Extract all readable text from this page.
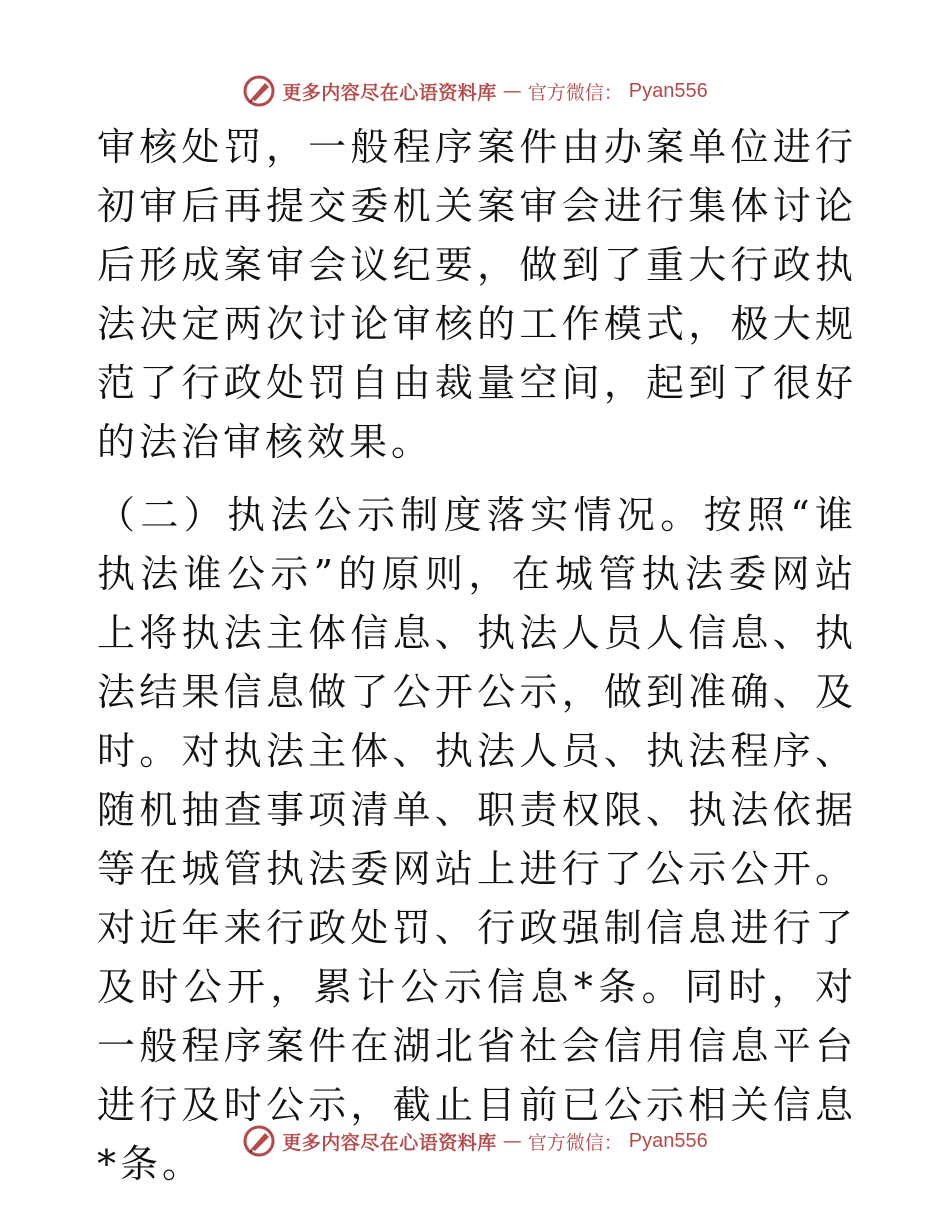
更多内容尽在心语资料库 — 官方微信： Pyan556

审核处罚，一般程序案件由办案单位进行初审后再提交委机关案审会进行集体讨论后形成案审会议纪要，做到了重大行政执法决定两次讨论审核的工作模式，极大规范了行政处罚自由裁量空间，起到了很好的法治审核效果。

（二）执法公示制度落实情况。按照“谁执法谁公示”的原则，在城管执法委网站上将执法主体信息、执法人员人信息、执法结果信息做了公开公示，做到准确、及时。对执法主体、执法人员、执法程序、随机抽查事项清单、职责权限、执法依据等在城管执法委网站上进行了公示公开。对近年来行政处罚、行政强制信息进行了及时公开，累计公示信息*条。同时，对一般程序案件在湖北省社会信用信息平台进行及时公示，截止目前已公示相关信息*条。	更多内容尽在心语资料库 — 官方微信： Pyan556
